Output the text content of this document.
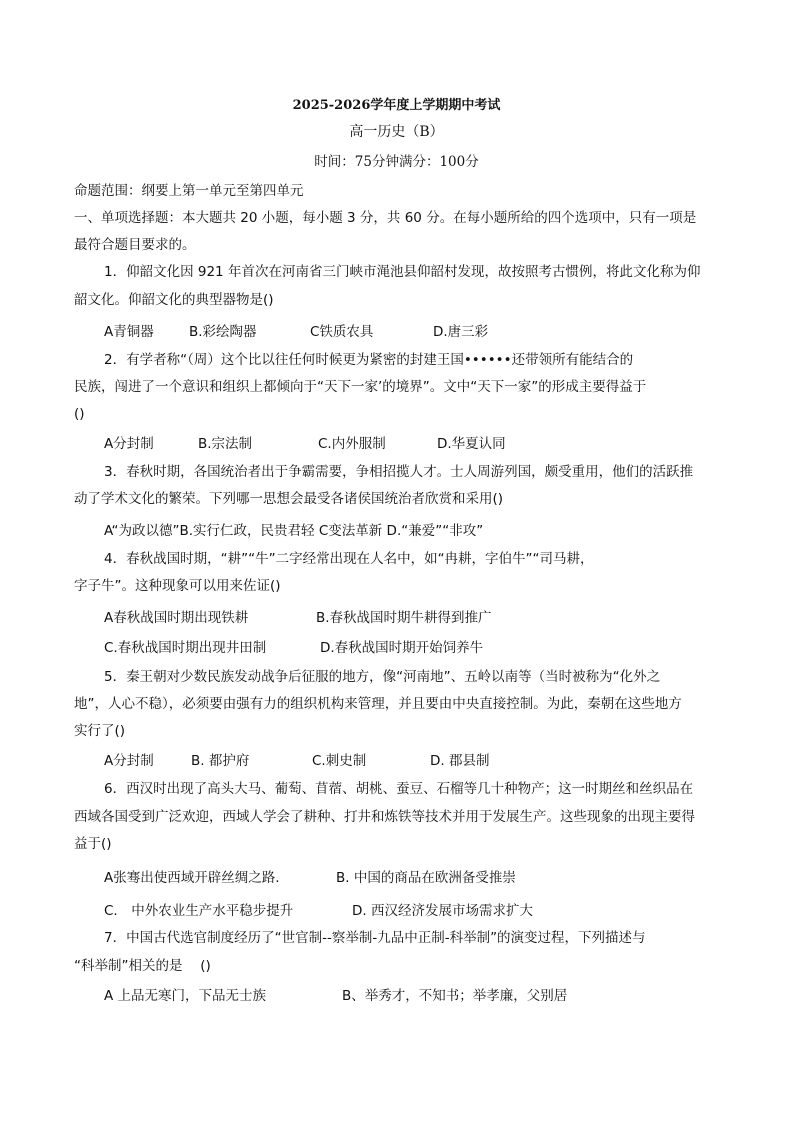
2025-2026学年度上学期期中考试
高一历史（B）
时间：75分钟满分：100分
命题范围：纲要上第一单元至第四单元
一、单项选择题：本大题共 20 小题，每小题 3 分，共 60 分。在每小题所给的四个选项中，只有一项是
最符合题目要求的。
1．仰韶文化因 921 年首次在河南省三门峡市渑池县仰韶村发现，故按照考古惯例，将此文化称为仰
韶文化。仰韶文化的典型器物是()
A青铜器	B.彩绘陶器	C铁质农具	D.唐三彩
2．有学者称“（周）这个比以往任何时候更为紧密的封建王国••••••还带领所有能结合的
民族，闯进了一个意识和组织上都倾向于“天下一家’的境界”。文中“天下一家”的形成主要得益于
()
A分封制	B.宗法制	C.内外服制	D.华夏认同
3．春秋时期，各国统治者出于争霸需要，争相招揽人才。士人周游列国，颇受重用，他们的活跃推
动了学术文化的繁荣。下列哪一思想会最受各诸侯国统治者欣赏和采用()
A“为政以德”B.实行仁政，民贵君轻 C变法革新 D.“兼爱”“非攻”
4．春秋战国时期，“耕”“牛”二字经常出现在人名中，如“冉耕，字伯牛”“司马耕，
字子牛”。这种现象可以用来佐证()
A春秋战国时期出现铁耕	B.春秋战国时期牛耕得到推广
C.春秋战国时期出现井田制	D.春秋战国时期开始饲养牛
5．秦王朝对少数民族发动战争后征服的地方，像“河南地”、五岭以南等（当时被称为“化外之
地”，人心不稳），必须要由强有力的组织机构来管理，并且要由中央直接控制。为此，秦朝在这些地方
实行了()
A分封制	B. 都护府	C.刺史制	D. 郡县制
6．西汉时出现了高头大马、葡萄、苜蓿、胡桃、蚕豆、石榴等几十种物产；这一时期丝和丝织品在
西域各国受到广泛欢迎，西域人学会了耕种、打井和炼铁等技术并用于发展生产。这些现象的出现主要得
益于()
A张骞出使西域开辟丝绸之路.	B. 中国的商品在欧洲备受推崇
C.　中外农业生产水平稳步提升	D. 西汉经济发展市场需求扩大
7．中国古代选官制度经历了“世官制--察举制-九品中正制-科举制”的演变过程，下列描述与
“科举制”相关的是　 ()
A 上品无寒门，下品无士族	B、举秀才，不知书；举孝廉，父别居
